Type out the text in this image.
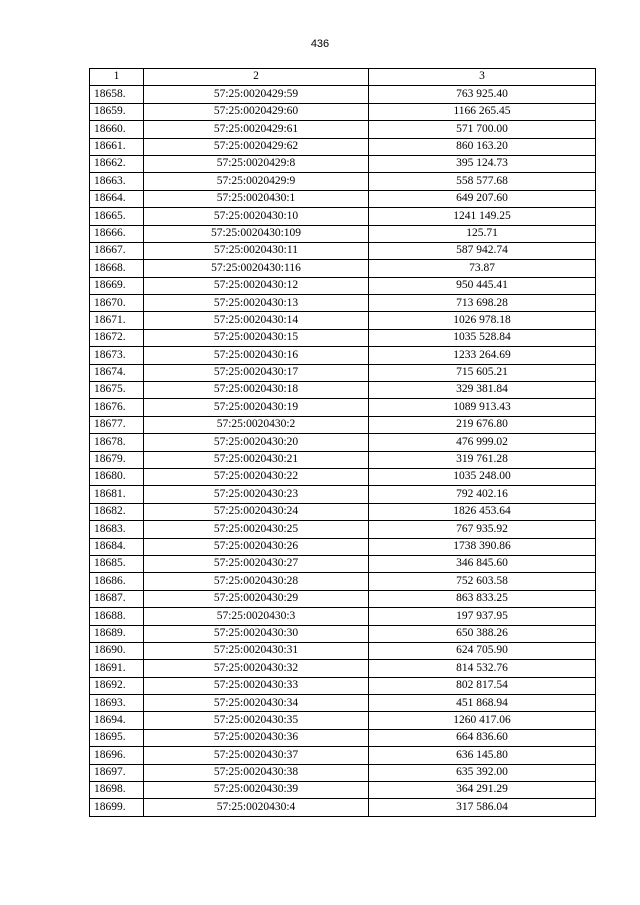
436
1	2	3
18658.	57:25:0020429:59	763 925.40
18659.	57:25:0020429:60	1166 265.45
18660.	57:25:0020429:61	571 700.00
18661.	57:25:0020429:62	860 163.20
18662.	57:25:0020429:8	395 124.73
18663.	57:25:0020429:9	558 577.68
18664.	57:25:0020430:1	649 207.60
18665.	57:25:0020430:10	1241 149.25
18666.	57:25:0020430:109	125.71
18667.	57:25:0020430:11	587 942.74
18668.	57:25:0020430:116	73.87
18669.	57:25:0020430:12	950 445.41
18670.	57:25:0020430:13	713 698.28
18671.	57:25:0020430:14	1026 978.18
18672.	57:25:0020430:15	1035 528.84
18673.	57:25:0020430:16	1233 264.69
18674.	57:25:0020430:17	715 605.21
18675.	57:25:0020430:18	329 381.84
18676.	57:25:0020430:19	1089 913.43
18677.	57:25:0020430:2	219 676.80
18678.	57:25:0020430:20	476 999.02
18679.	57:25:0020430:21	319 761.28
18680.	57:25:0020430:22	1035 248.00
18681.	57:25:0020430:23	792 402.16
18682.	57:25:0020430:24	1826 453.64
18683.	57:25:0020430:25	767 935.92
18684.	57:25:0020430:26	1738 390.86
18685.	57:25:0020430:27	346 845.60
18686.	57:25:0020430:28	752 603.58
18687.	57:25:0020430:29	863 833.25
18688.	57:25:0020430:3	197 937.95
18689.	57:25:0020430:30	650 388.26
18690.	57:25:0020430:31	624 705.90
18691.	57:25:0020430:32	814 532.76
18692.	57:25:0020430:33	802 817.54
18693.	57:25:0020430:34	451 868.94
18694.	57:25:0020430:35	1260 417.06
18695.	57:25:0020430:36	664 836.60
18696.	57:25:0020430:37	636 145.80
18697.	57:25:0020430:38	635 392.00
18698.	57:25:0020430:39	364 291.29
18699.	57:25:0020430:4	317 586.04
